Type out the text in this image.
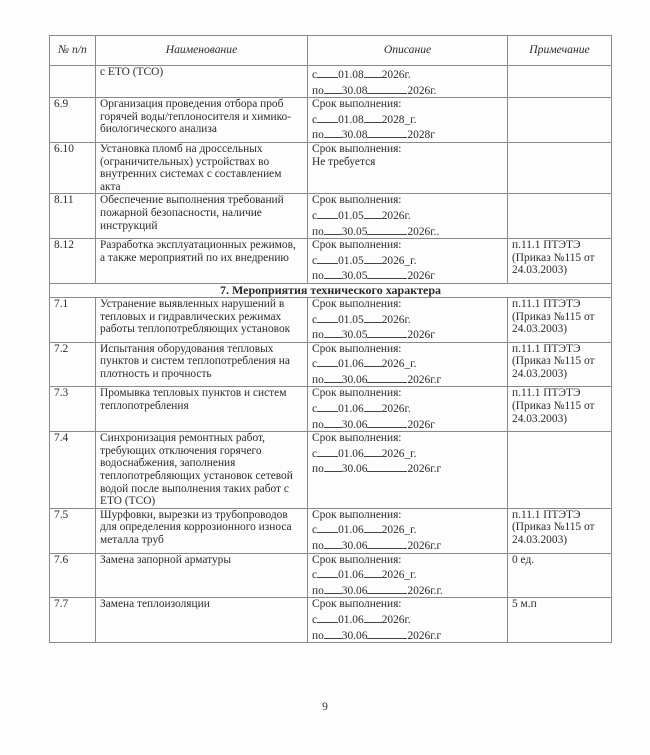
№ п/п	Наименование	Описание	Примечание
	с ЕТО (ТСО)	с 01.08 2026г.
по 30.08 2026г.	

6.9	Организация проведения отбора проб горячей воды/теплоносителя и химико-биологического анализа	Срок выполнения:
с 01.08 2028_г.
по 30.08 2028г	

6.10	Установка пломб на дроссельных (ограничительных) устройствах во внутренних системах с составлением акта	Срок выполнения:
Не требуется	

8.11	Обеспечение выполнения требований пожарной безопасности, наличие инструкций	Срок выполнения:
с 01.05 2026г.
по 30.05 2026г..	

8.12	Разработка эксплуатационных режимов, а также мероприятий по их внедрению	Срок выполнения:
с 01.05 2026_г.
по 30.05 2026г	п.11.1 ПТЭТЭ (Приказ №115 от 24.03.2003)
7. Мероприятия технического характера			
7.1	Устранение выявленных нарушений в тепловых и гидравлических режимах работы теплопотребляющих установок	Срок выполнения:
с 01.05 2026г.
по 30.05 2026г	п.11.1 ПТЭТЭ (Приказ №115 от 24.03.2003)
7.2	Испытания оборудования тепловых пунктов и систем теплопотребления на плотность и прочность	Срок выполнения:
с 01.06 2026_г.
по 30.06 2026г.г	п.11.1 ПТЭТЭ (Приказ №115 от 24.03.2003)
7.3	Промывка тепловых пунктов и систем теплопотребления	Срок выполнения:
с 01.06 2026г.
по 30.06 2026г	п.11.1 ПТЭТЭ (Приказ №115 от 24.03.2003)
7.4	Синхронизация ремонтных работ, требующих отключения горячего водоснабжения, заполнения теплопотребляющих установок сетевой водой после выполнения таких работ с ЕТО (ТСО)	Срок выполнения:
с 01.06 2026_г.
по 30.06 2026г.г	

7.5	Шурфовки, вырезки из трубопроводов для определения коррозионного износа металла труб	Срок выполнения:
с 01.06 2026_г.
по 30.06 2026г.г	п.11.1 ПТЭТЭ (Приказ №115 от 24.03.2003)
7.6	Замена запорной арматуры	Срок выполнения:
с 01.06 2026_г.
по 30.06 2026г.г.	0 ед.
7.7	Замена теплоизоляции	Срок выполнения:
с 01.06 2026г.
по 30.06 2026г.г	5 м.п
9
